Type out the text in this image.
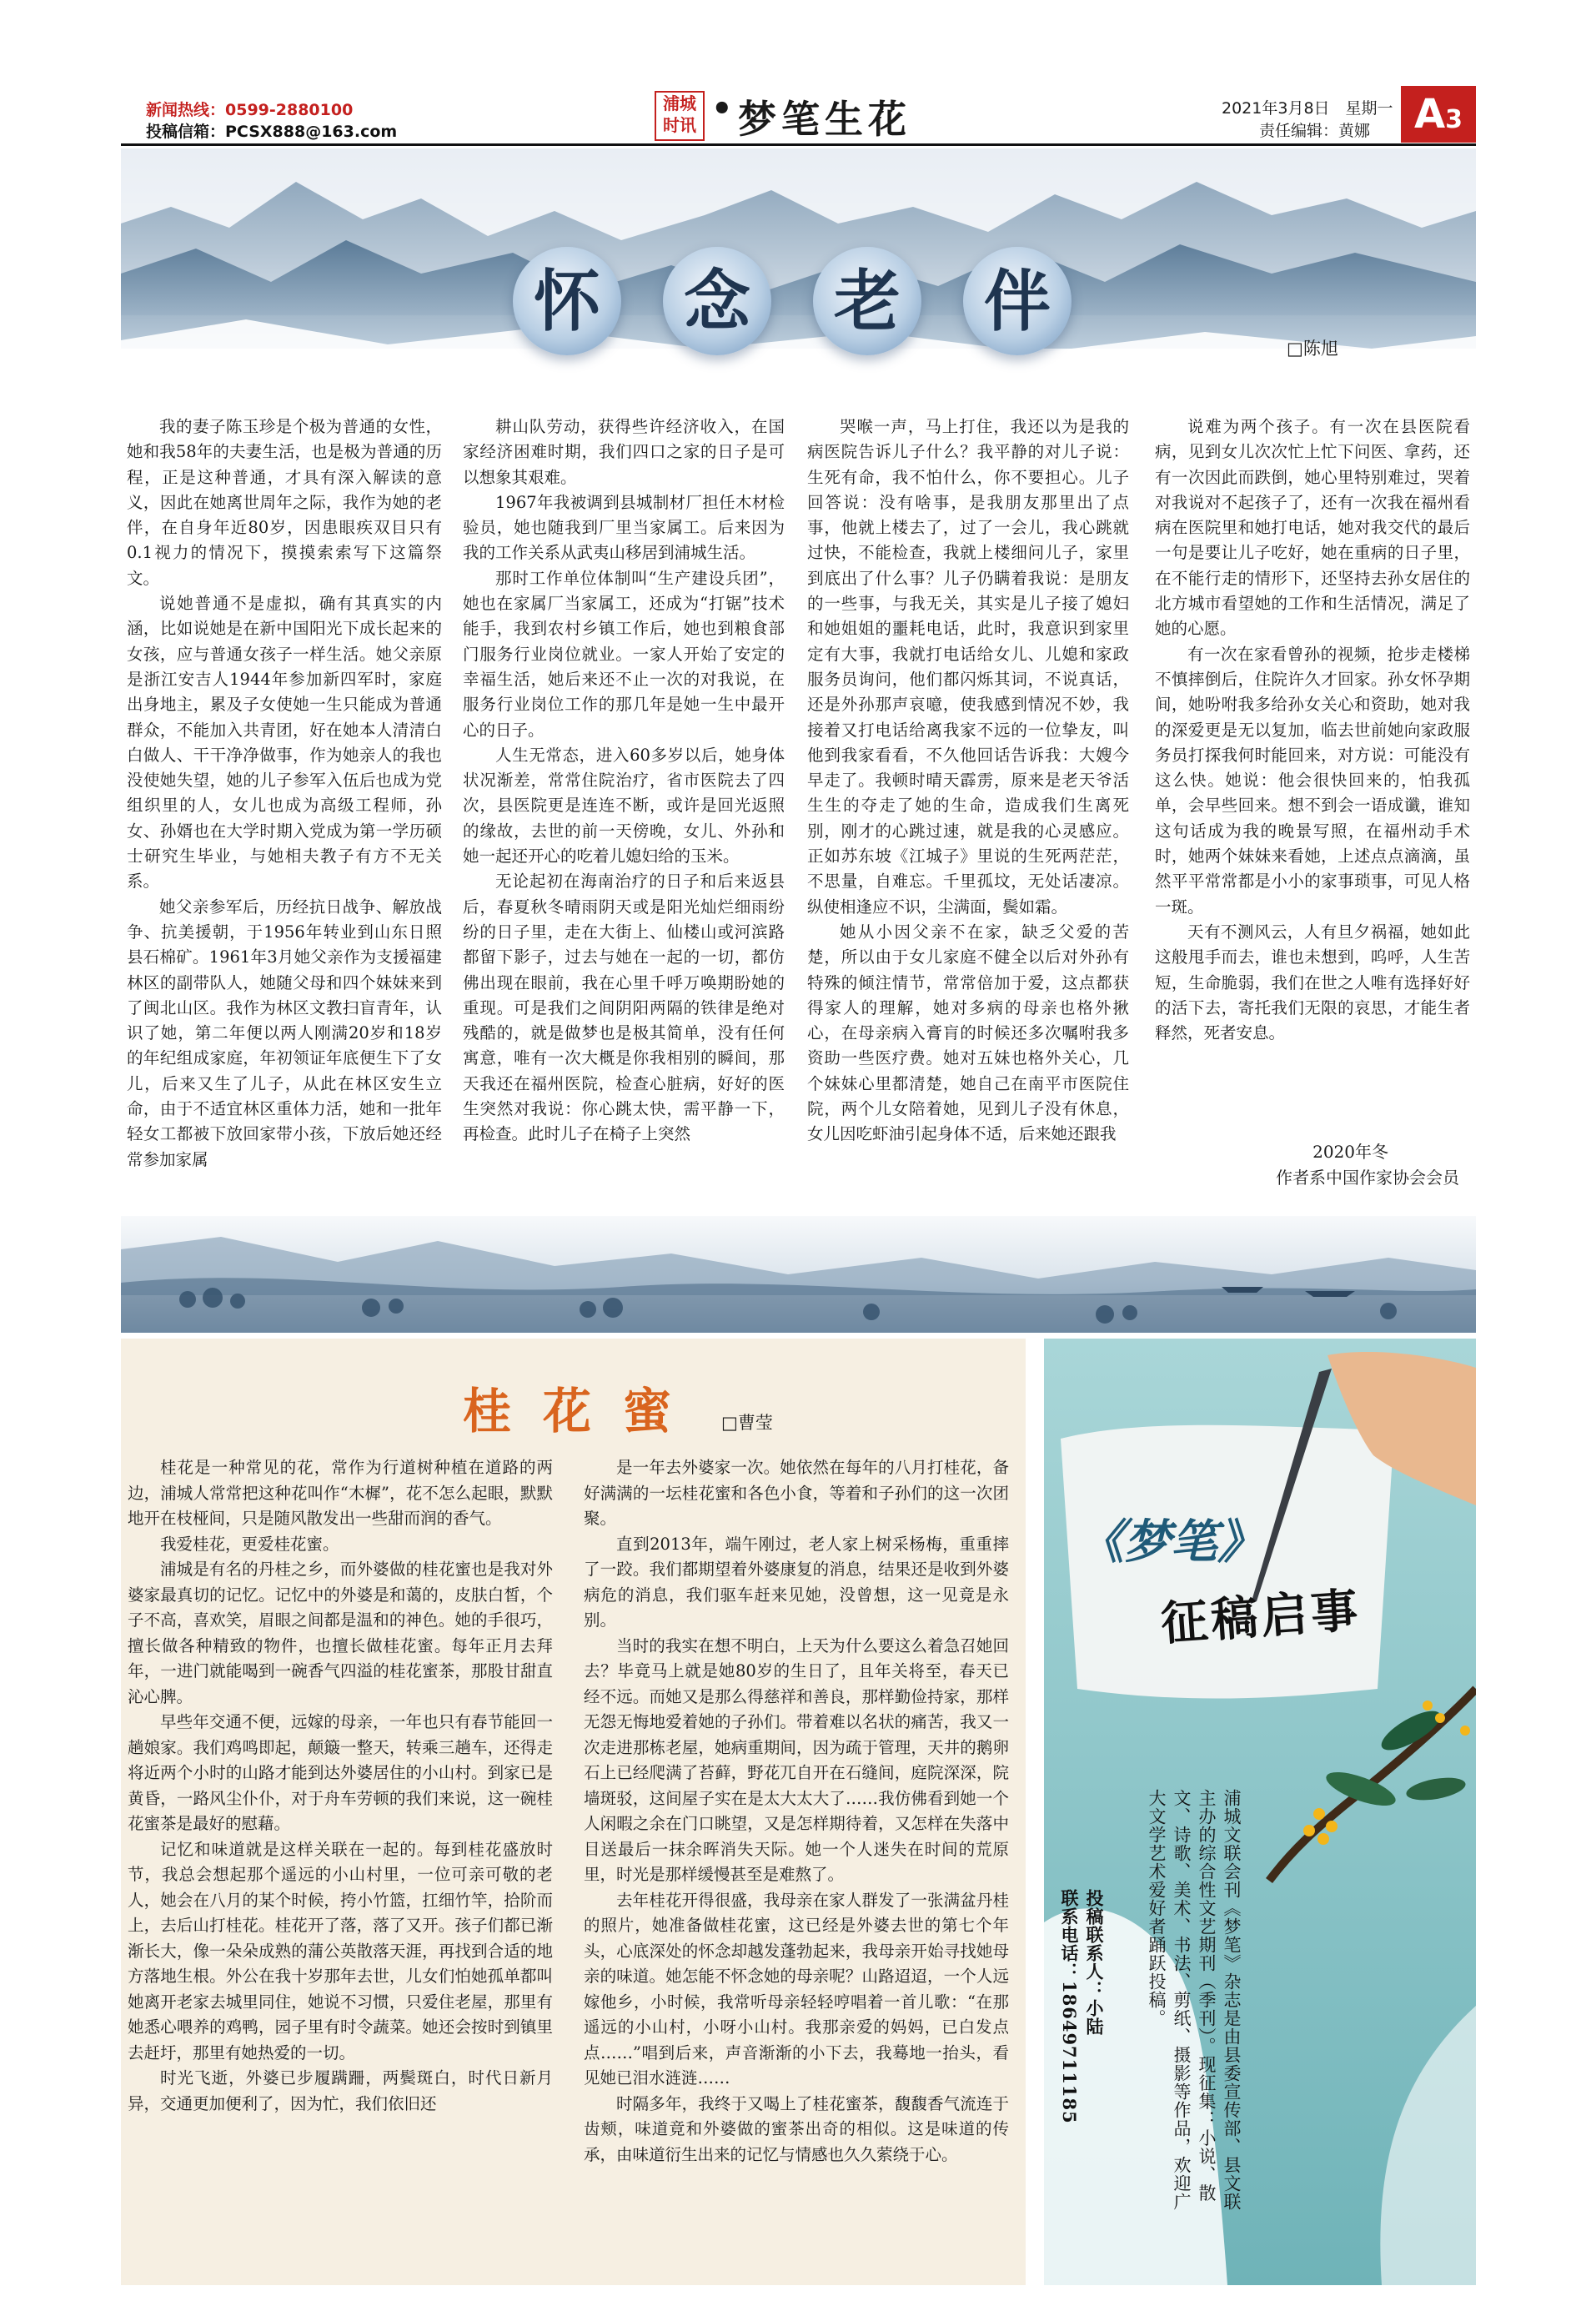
新闻热线：0599-2880100
投稿信箱：PCSX888@163.com
浦城
时讯 • 梦笔生花	2021年3月8日　星期一
责任编辑：黄娜	A3
怀	念	老	伴
□陈旭

我的妻子陈玉珍是个极为普通的女性，她和我58年的夫妻生活，也是极为普通的历程，正是这种普通，才具有深入解读的意义，因此在她离世周年之际，我作为她的老伴，在自身年近80岁，因患眼疾双目只有0.1视力的情况下，摸摸索索写下这篇祭文。

说她普通不是虚拟，确有其真实的内涵，比如说她是在新中国阳光下成长起来的女孩，应与普通女孩子一样生活。她父亲原是浙江安吉人1944年参加新四军时，家庭出身地主，累及子女使她一生只能成为普通群众，不能加入共青团，好在她本人清清白白做人、干干净净做事，作为她亲人的我也没使她失望，她的儿子参军入伍后也成为党组织里的人，女儿也成为高级工程师，孙女、孙婿也在大学时期入党成为第一学历硕士研究生毕业，与她相夫教子有方不无关系。

她父亲参军后，历经抗日战争、解放战争、抗美援朝，于1956年转业到山东日照县石棉矿。1961年3月她父亲作为支援福建林区的副带队人，她随父母和四个妹妹来到了闽北山区。我作为林区文教扫盲青年，认识了她，第二年便以两人刚满20岁和18岁的年纪组成家庭，年初领证年底便生下了女儿，后来又生了儿子，从此在林区安生立命，由于不适宜林区重体力活，她和一批年轻女工都被下放回家带小孩，下放后她还经常参加家属

耕山队劳动，获得些许经济收入，在国家经济困难时期，我们四口之家的日子是可以想象其艰难。

1967年我被调到县城制材厂担任木材检验员，她也随我到厂里当家属工。后来因为我的工作关系从武夷山移居到浦城生活。

那时工作单位体制叫“生产建设兵团”，她也在家属厂当家属工，还成为“打锯”技术能手，我到农村乡镇工作后，她也到粮食部门服务行业岗位就业。一家人开始了安定的幸福生活，她后来还不止一次的对我说，在服务行业岗位工作的那几年是她一生中最开心的日子。

人生无常态，进入60多岁以后，她身体状况渐差，常常住院治疗，省市医院去了四次，县医院更是连连不断，或许是回光返照的缘故，去世的前一天傍晚，女儿、外孙和她一起还开心的吃着儿媳妇给的玉米。

无论起初在海南治疗的日子和后来返县后，春夏秋冬晴雨阴天或是阳光灿烂细雨纷纷的日子里，走在大街上、仙楼山或河滨路都留下影子，过去与她在一起的一切，都仿佛出现在眼前，我在心里千呼万唤期盼她的重现。可是我们之间阴阳两隔的铁律是绝对残酷的，就是做梦也是极其简单，没有任何寓意，唯有一次大概是你我相别的瞬间，那天我还在福州医院，检查心脏病，好好的医生突然对我说：你心跳太快，需平静一下，再检查。此时儿子在椅子上突然

哭喉一声，马上打住，我还以为是我的病医院告诉儿子什么？我平静的对儿子说：生死有命，我不怕什么，你不要担心。儿子回答说：没有啥事，是我朋友那里出了点事，他就上楼去了，过了一会儿，我心跳就过快，不能检查，我就上楼细问儿子，家里到底出了什么事？儿子仍瞒着我说：是朋友的一些事，与我无关，其实是儿子接了媳妇和她姐姐的噩耗电话，此时，我意识到家里定有大事，我就打电话给女儿、儿媳和家政服务员询问，他们都闪烁其词，不说真话，还是外孙那声哀噫，使我感到情况不妙，我接着又打电话给离我家不远的一位挚友，叫他到我家看看，不久他回话告诉我：大嫂今早走了。我顿时晴天霹雳，原来是老天爷活生生的夺走了她的生命，造成我们生离死别，刚才的心跳过速，就是我的心灵感应。正如苏东坡《江城子》里说的生死两茫茫，不思量，自难忘。千里孤坟，无处话凄凉。纵使相逢应不识，尘满面，鬓如霜。

她从小因父亲不在家，缺乏父爱的苦楚，所以由于女儿家庭不健全以后对外孙有特殊的倾注情节，常常倍加于爱，这点都获得家人的理解，她对多病的母亲也格外揪心，在母亲病入膏肓的时候还多次嘱咐我多资助一些医疗费。她对五妹也格外关心，几个妹妹心里都清楚，她自己在南平市医院住院，两个儿女陪着她，见到儿子没有休息，女儿因吃虾油引起身体不适，后来她还跟我

说难为两个孩子。有一次在县医院看病，见到女儿次次忙上忙下问医、拿药，还有一次因此而跌倒，她心里特别难过，哭着对我说对不起孩子了，还有一次我在福州看病在医院里和她打电话，她对我交代的最后一句是要让儿子吃好，她在重病的日子里，在不能行走的情形下，还坚持去孙女居住的北方城市看望她的工作和生活情况，满足了她的心愿。

有一次在家看曾孙的视频，抢步走楼梯不慎摔倒后，住院许久才回家。孙女怀孕期间，她吩咐我多给孙女关心和资助，她对我的深爱更是无以复加，临去世前她向家政服务员打探我何时能回来，对方说：可能没有这么快。她说：他会很快回来的，怕我孤单，会早些回来。想不到会一语成谶，谁知这句话成为我的晚景写照，在福州动手术时，她两个妹妹来看她，上述点点滴滴，虽然平平常常都是小小的家事琐事，可见人格一斑。

天有不测风云，人有旦夕祸福，她如此这般甩手而去，谁也未想到，呜呼，人生苦短，生命脆弱，我们在世之人唯有选择好好的活下去，寄托我们无限的哀思，才能生者释然，死者安息。

2020年冬
作者系中国作家协会会员
桂花蜜 □曹莹

桂花是一种常见的花，常作为行道树种植在道路的两边，浦城人常常把这种花叫作“木樨”，花不怎么起眼，默默地开在枝桠间，只是随风散发出一些甜而润的香气。

我爱桂花，更爱桂花蜜。

浦城是有名的丹桂之乡，而外婆做的桂花蜜也是我对外婆家最真切的记忆。记忆中的外婆是和蔼的，皮肤白皙，个子不高，喜欢笑，眉眼之间都是温和的神色。她的手很巧，擅长做各种精致的物件，也擅长做桂花蜜。每年正月去拜年，一进门就能喝到一碗香气四溢的桂花蜜茶，那股甘甜直沁心脾。

早些年交通不便，远嫁的母亲，一年也只有春节能回一趟娘家。我们鸡鸣即起，颠簸一整天，转乘三趟车，还得走将近两个小时的山路才能到达外婆居住的小山村。到家已是黄昏，一路风尘仆仆，对于舟车劳顿的我们来说，这一碗桂花蜜茶是最好的慰藉。

记忆和味道就是这样关联在一起的。每到桂花盛放时节，我总会想起那个遥远的小山村里，一位可亲可敬的老人，她会在八月的某个时候，挎小竹篮，扛细竹竿，拾阶而上，去后山打桂花。桂花开了落，落了又开。孩子们都已渐渐长大，像一朵朵成熟的蒲公英散落天涯，再找到合适的地方落地生根。外公在我十岁那年去世，儿女们怕她孤单都叫她离开老家去城里同住，她说不习惯，只爱住老屋，那里有她悉心喂养的鸡鸭，园子里有时令蔬菜。她还会按时到镇里去赶圩，那里有她热爱的一切。

时光飞逝，外婆已步履蹒跚，两鬓斑白，时代日新月异，交通更加便利了，因为忙，我们依旧还

是一年去外婆家一次。她依然在每年的八月打桂花，备好满满的一坛桂花蜜和各色小食，等着和子孙们的这一次团聚。

直到2013年，端午刚过，老人家上树采杨梅，重重摔了一跤。我们都期望着外婆康复的消息，结果还是收到外婆病危的消息，我们驱车赶来见她，没曾想，这一见竟是永别。

当时的我实在想不明白，上天为什么要这么着急召她回去？毕竟马上就是她80岁的生日了，且年关将至，春天已经不远。而她又是那么得慈祥和善良，那样勤俭持家，那样无怨无悔地爱着她的子孙们。带着难以名状的痛苦，我又一次走进那栋老屋，她病重期间，因为疏于管理，天井的鹅卵石上已经爬满了苔藓，野花兀自开在石缝间，庭院深深，院墙斑驳，这间屋子实在是太大太大了……我仿佛看到她一个人闲暇之余在门口眺望，又是怎样期待着，又怎样在失落中目送最后一抹余晖消失天际。她一个人迷失在时间的荒原里，时光是那样缓慢甚至是难熬了。

去年桂花开得很盛，我母亲在家人群发了一张满盆丹桂的照片，她准备做桂花蜜，这已经是外婆去世的第七个年头，心底深处的怀念却越发蓬勃起来，我母亲开始寻找她母亲的味道。她怎能不怀念她的母亲呢？山路迢迢，一个人远嫁他乡，小时候，我常听母亲轻轻哼唱着一首儿歌：“在那遥远的小山村，小呀小山村。我那亲爱的妈妈，已白发点点……”唱到后来，声音渐渐的小下去，我蓦地一抬头，看见她已泪水涟涟……

时隔多年，我终于又喝上了桂花蜜茶，馥馥香气流连于齿颊，味道竟和外婆做的蜜茶出奇的相似。这是味道的传承，由味道衍生出来的记忆与情感也久久萦绕于心。

《梦笔》
征稿启事
浦城文联会刊《梦笔》杂志是由县委宣传部、县文联主办的综合性文艺期刊（季刊）。现征集：小说、散文、诗歌、美术、书法、剪纸、摄影等作品，欢迎广大文学艺术爱好者踊跃投稿。
投稿联系人：小陆
联系电话：18649711185
